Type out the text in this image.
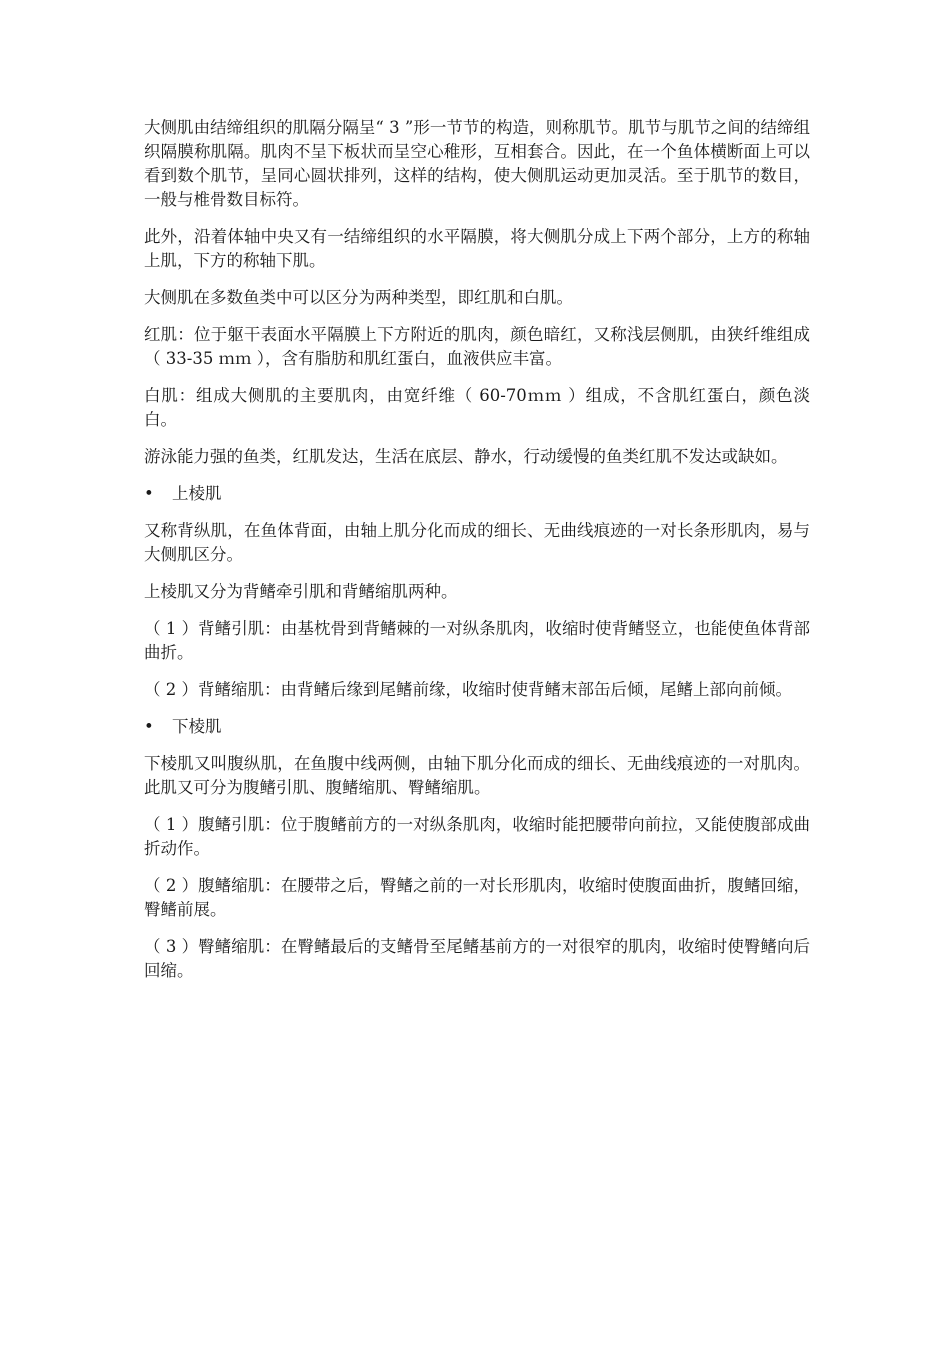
大侧肌由结缔组织的肌隔分隔呈“ 3 ”形一节节的构造，则称肌节。肌节与肌节之间的结缔组织隔膜称肌隔。肌肉不呈下板状而呈空心稚形，互相套合。因此，在一个鱼体横断面上可以看到数个肌节，呈同心圆状排列，这样的结构，使大侧肌运动更加灵活。至于肌节的数目，一般与椎骨数目标符。

此外，沿着体轴中央又有一结缔组织的水平隔膜，将大侧肌分成上下两个部分，上方的称轴上肌，下方的称轴下肌。

大侧肌在多数鱼类中可以区分为两种类型，即红肌和白肌。

红肌：位于躯干表面水平隔膜上下方附近的肌肉，颜色暗红，又称浅层侧肌，由狭纤维组成（ 33-35 ｍｍ ），含有脂肪和肌红蛋白，血液供应丰富。

白肌：组成大侧肌的主要肌肉，由宽纤维（ 60-70ｍｍ ）组成，不含肌红蛋白，颜色淡白。

游泳能力强的鱼类，红肌发达，生活在底层、静水，行动缓慢的鱼类红肌不发达或缺如。

•	上棱肌

又称背纵肌，在鱼体背面，由轴上肌分化而成的细长、无曲线痕迹的一对长条形肌肉，易与大侧肌区分。

上棱肌又分为背鳍牵引肌和背鳍缩肌两种。

（ 1 ）背鳍引肌：由基枕骨到背鳍棘的一对纵条肌肉，收缩时使背鳍竖立，也能使鱼体背部曲折。

（ 2 ）背鳍缩肌：由背鳍后缘到尾鳍前缘，收缩时使背鳍末部缶后倾，尾鳍上部向前倾。

•	下棱肌

下棱肌又叫腹纵肌，在鱼腹中线两侧，由轴下肌分化而成的细长、无曲线痕迹的一对肌肉。此肌又可分为腹鳍引肌、腹鳍缩肌、臀鳍缩肌。

（ 1 ）腹鳍引肌：位于腹鳍前方的一对纵条肌肉，收缩时能把腰带向前拉，又能使腹部成曲折动作。

（ 2 ）腹鳍缩肌：在腰带之后，臀鳍之前的一对长形肌肉，收缩时使腹面曲折，腹鳍回缩，臀鳍前展。

（ 3 ）臀鳍缩肌：在臀鳍最后的支鳍骨至尾鳍基前方的一对很窄的肌肉，收缩时使臀鳍向后回缩。
